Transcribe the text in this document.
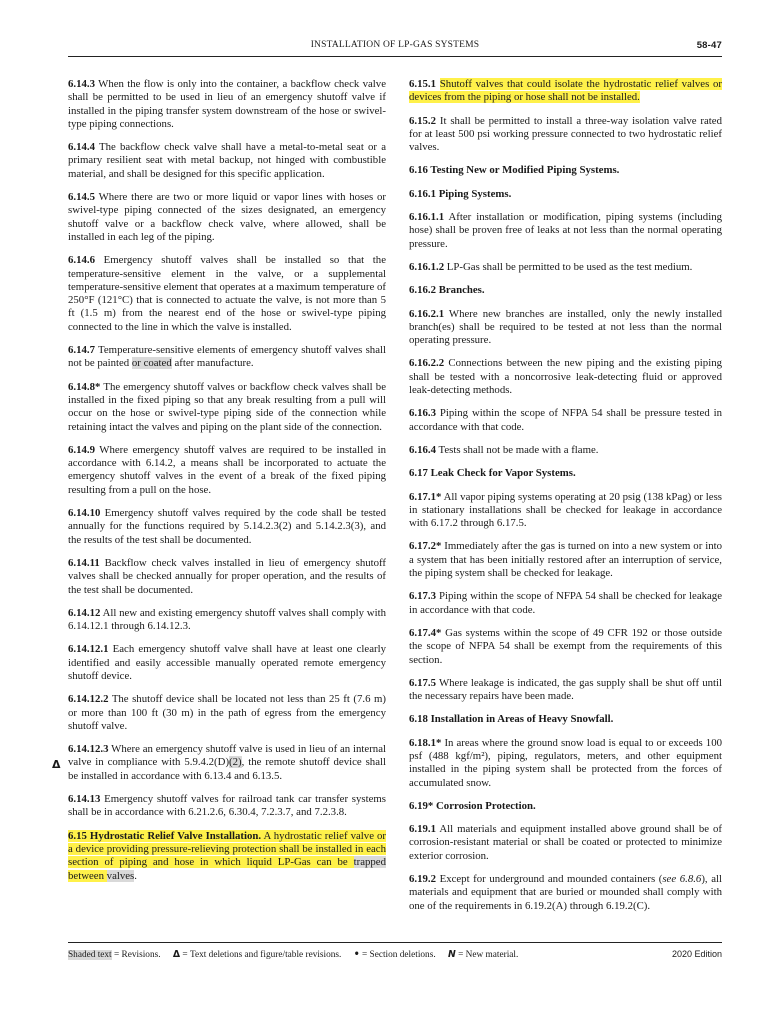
INSTALLATION OF LP-GAS SYSTEMS	58-47

6.14.3 When the flow is only into the container, a backflow check valve shall be permitted to be used in lieu of an emergency shutoff valve if installed in the piping transfer system downstream of the hose or swivel-type piping connections.

6.14.4 The backflow check valve shall have a metal-to-metal seat or a primary resilient seat with metal backup, not hinged with combustible material, and shall be designed for this specific application.

6.14.5 Where there are two or more liquid or vapor lines with hoses or swivel-type piping connected of the sizes designated, an emergency shutoff valve or a backflow check valve, where allowed, shall be installed in each leg of the piping.

6.14.6 Emergency shutoff valves shall be installed so that the temperature-sensitive element in the valve, or a supplemental temperature-sensitive element that operates at a maximum temperature of 250°F (121°C) that is connected to actuate the valve, is not more than 5 ft (1.5 m) from the nearest end of the hose or swivel-type piping connected to the line in which the valve is installed.

6.14.7 Temperature-sensitive elements of emergency shutoff valves shall not be painted or coated after manufacture.

6.14.8* The emergency shutoff valves or backflow check valves shall be installed in the fixed piping so that any break resulting from a pull will occur on the hose or swivel-type piping side of the connection while retaining intact the valves and piping on the plant side of the connection.

6.14.9 Where emergency shutoff valves are required to be installed in accordance with 6.14.2, a means shall be incorporated to actuate the emergency shutoff valves in the event of a break of the fixed piping resulting from a pull on the hose.

6.14.10 Emergency shutoff valves required by the code shall be tested annually for the functions required by 5.14.2.3(2) and 5.14.2.3(3), and the results of the test shall be documented.

6.14.11 Backflow check valves installed in lieu of emergency shutoff valves shall be checked annually for proper operation, and the results of the test shall be documented.

6.14.12 All new and existing emergency shutoff valves shall comply with 6.14.12.1 through 6.14.12.3.

6.14.12.1 Each emergency shutoff valve shall have at least one clearly identified and easily accessible manually operated remote emergency shutoff device.

6.14.12.2 The shutoff device shall be located not less than 25 ft (7.6 m) or more than 100 ft (30 m) in the path of egress from the emergency shutoff valve.

6.14.12.3 Where an emergency shutoff valve is used in lieu of an internal valve in compliance with 5.9.4.2(D)(2), the remote shutoff device shall be installed in accordance with 6.13.4 and 6.13.5.

6.14.13 Emergency shutoff valves for railroad tank car transfer systems shall be in accordance with 6.21.2.6, 6.30.4, 7.2.3.7, and 7.2.3.8.

6.15 Hydrostatic Relief Valve Installation. A hydrostatic relief valve or a device providing pressure-relieving protection shall be installed in each section of piping and hose in which liquid LP-Gas can be trapped between valves.

Δ

6.15.1 Shutoff valves that could isolate the hydrostatic relief valves or devices from the piping or hose shall not be installed.

6.15.2 It shall be permitted to install a three-way isolation valve rated for at least 500 psi working pressure connected to two hydrostatic relief valves.

6.16 Testing New or Modified Piping Systems.

6.16.1 Piping Systems.

6.16.1.1 After installation or modification, piping systems (including hose) shall be proven free of leaks at not less than the normal operating pressure.

6.16.1.2 LP-Gas shall be permitted to be used as the test medium.

6.16.2 Branches.

6.16.2.1 Where new branches are installed, only the newly installed branch(es) shall be required to be tested at not less than the normal operating pressure.

6.16.2.2 Connections between the new piping and the existing piping shall be tested with a noncorrosive leak-detecting fluid or approved leak-detecting methods.

6.16.3 Piping within the scope of NFPA 54 shall be pressure tested in accordance with that code.

6.16.4 Tests shall not be made with a flame.

6.17 Leak Check for Vapor Systems.

6.17.1* All vapor piping systems operating at 20 psig (138 kPag) or less in stationary installations shall be checked for leakage in accordance with 6.17.2 through 6.17.5.

6.17.2* Immediately after the gas is turned on into a new system or into a system that has been initially restored after an interruption of service, the piping system shall be checked for leakage.

6.17.3 Piping within the scope of NFPA 54 shall be checked for leakage in accordance with that code.

6.17.4* Gas systems within the scope of 49 CFR 192 or those outside the scope of NFPA 54 shall be exempt from the requirements of this section.

6.17.5 Where leakage is indicated, the gas supply shall be shut off until the necessary repairs have been made.

6.18 Installation in Areas of Heavy Snowfall.

6.18.1* In areas where the ground snow load is equal to or exceeds 100 psf (488 kgf/m²), piping, regulators, meters, and other equipment installed in the piping system shall be protected from the forces of accumulated snow.

6.19* Corrosion Protection.

6.19.1 All materials and equipment installed above ground shall be of corrosion-resistant material or shall be coated or protected to minimize exterior corrosion.

6.19.2 Except for underground and mounded containers (see 6.8.6), all materials and equipment that are buried or mounded shall comply with one of the requirements in 6.19.2(A) through 6.19.2(C).

Shaded text = Revisions. Δ = Text deletions and figure/table revisions. • = Section deletions. N = New material.	2020 Edition
